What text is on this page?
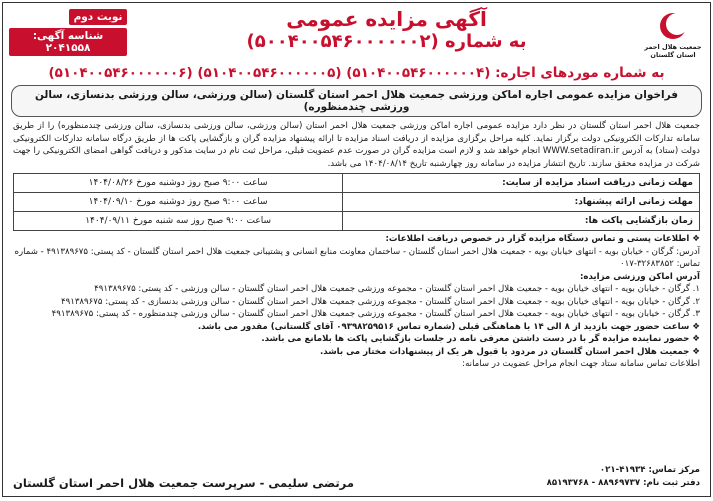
جمعیت هلال احمر
استان گلستان
آگهی مزایده عمومی
به شماره (۵۰۰۴۰۰۵۴۶۰۰۰۰۰۰۲)
نوبت دوم
شناسه آگهی: ۲۰۴۱۵۵۸
به شماره موردهای اجاره: (۵۱۰۴۰۰۵۴۶۰۰۰۰۰۰۴) (۵۱۰۴۰۰۵۴۶۰۰۰۰۰۰۵) (۵۱۰۴۰۰۵۴۶۰۰۰۰۰۰۶)
فراخوان مزایده عمومی اجاره اماکن ورزشی جمعیت هلال احمر استان گلستان (سالن ورزشی، سالن ورزشی بدنسازی، سالن ورزشی چندمنظوره)
جمعیت هلال احمر استان گلستان در نظر دارد مزایده عمومی اجاره اماکن ورزشی جمعیت هلال احمر استان (سالن ورزشی، سالن ورزشی بدنسازی، سالن ورزشی چندمنظوره) را از طریق سامانه تدارکات الکترونیکی دولت برگزار نماید. کلیه مراحل برگزاری مزایده از دریافت اسناد مزایده تا ارائه پیشنهاد مزایده گران و بازگشایی پاکت ها از طریق درگاه سامانه تدارکات الکترونیکی دولت (ستاد) به آدرس WWW.setadiran.ir انجام خواهد شد و لازم است مزایده گران در صورت عدم عضویت قبلی، مراحل ثبت نام در سایت مذکور و دریافت گواهی امضای الکترونیکی را جهت شرکت در مزایده محقق سازند. تاریخ انتشار مزایده در سامانه روز چهارشنبه تاریخ ۱۴۰۴/۰۸/۱۴ می باشد.
مهلت زمانی دریافت اسناد مزایده از سایت:	ساعت ۹:۰۰ صبح روز دوشنبه مورخ ۱۴۰۴/۰۸/۲۶
مهلت زمانی ارائه پیشنهاد:	ساعت ۹:۰۰ صبح روز دوشنبه مورخ ۱۴۰۴/۰۹/۱۰
زمان بازگشایی پاکت ها:	ساعت ۹:۰۰ صبح روز سه شنبه مورخ ۱۴۰۴/۰۹/۱۱
❖ اطلاعات پستی و تماس دستگاه مزایده گزار در خصوص دریافت اطلاعات:
آدرس: گرگان - خیابان بویه - انتهای خیابان بویه - جمعیت هلال احمر استان گلستان - ساختمان معاونت منابع انسانی و پشتیبانی جمعیت هلال احمر استان گلستان - کد پستی: ۴۹۱۳۸۹۶۷۵ - شماره تماس: ۳۲۶۸۳۸۵۲-۰۱۷
آدرس اماکن ورزشی مزایده:
۱. گرگان - خیابان بویه - انتهای خیابان بویه - جمعیت هلال احمر استان گلستان - مجموعه ورزشی جمعیت هلال احمر استان گلستان - سالن ورزشی - کد پستی: ۴۹۱۳۸۹۶۷۵
۲. گرگان - خیابان بویه - انتهای خیابان بویه - جمعیت هلال احمر استان گلستان - مجموعه ورزشی جمعیت هلال احمر استان گلستان - سالن ورزشی بدنسازی - کد پستی: ۴۹۱۳۸۹۶۷۵
۳. گرگان - خیابان بویه - انتهای خیابان بویه - جمعیت هلال احمر استان گلستان - مجموعه ورزشی جمعیت هلال احمر استان گلستان - سالن ورزشی چندمنظوره - کد پستی: ۴۹۱۳۸۹۶۷۵
❖ ساعت حضور جهت بازدید از ۸ الی ۱۴ با هماهنگی قبلی (شماره تماس ۰۹۳۹۸۲۵۹۵۱۶ آقای گلستانی) مقدور می باشد.
❖ حضور نماینده مزایده گر با در دست داشتن معرفی نامه در جلسات بازگشایی پاکت ها بلامانع می باشد.
❖ جمعیت هلال احمر استان گلستان در مردود یا قبول هر یک از پیشنهادات مختار می باشد.
اطلاعات تماس سامانه ستاد جهت انجام مراحل عضویت در سامانه:
مرکز تماس: ۴۱۹۳۴-۰۲۱
دفتر ثبت نام: ۸۸۹۶۹۷۳۷ - ۸۵۱۹۳۷۶۸
مرتضی سلیمی - سرپرست جمعیت هلال احمر استان گلستان
